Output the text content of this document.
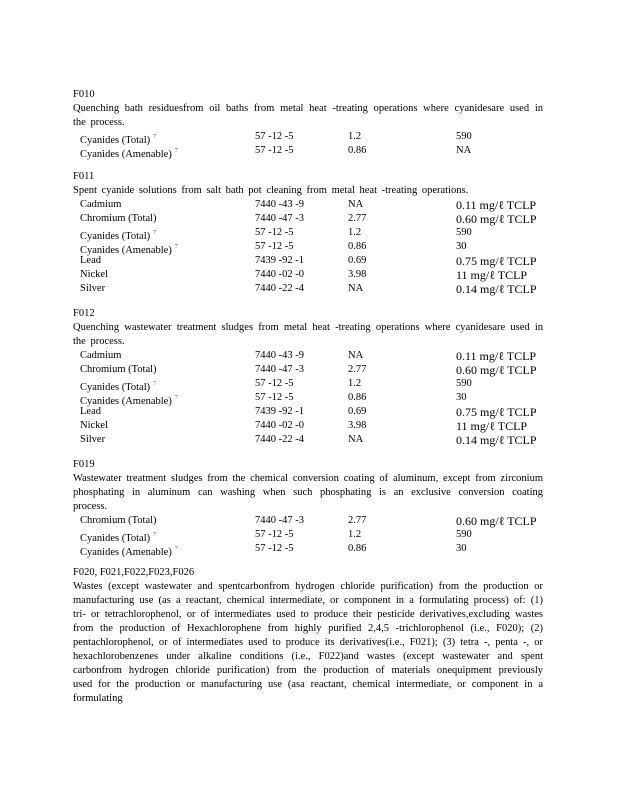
F010
Quenching bath residuesfrom oil baths from metal heat -treating operations where cyanidesare used in the process.
Cyanides (Total) $^7$	57 -12 -5	1.2	590
Cyanides (Amenable) $^7$	57 -12 -5	0.86	NA
F011
Spent cyanide solutions from salt bath pot cleaning from metal heat -treating operations.
Cadmium	7440 -43 -9	NA	0.11 mg/ℓ TCLP
Chromium (Total)	7440 -47 -3	2.77	0.60 mg/ℓ TCLP
Cyanides (Total) $^7$	57 -12 -5	1.2	590
Cyanides (Amenable) $^7$	57 -12 -5	0.86	30
Lead	7439 -92 -1	0.69	0.75 mg/ℓ TCLP
Nickel	7440 -02 -0	3.98	11 mg/ℓ TCLP
Silver	7440 -22 -4	NA	0.14 mg/ℓ TCLP
F012
Quenching wastewater treatment sludges from metal heat -treating operations where cyanidesare used in the process.
Cadmium	7440 -43 -9	NA	0.11 mg/ℓ TCLP
Chromium (Total)	7440 -47 -3	2.77	0.60 mg/ℓ TCLP
Cyanides (Total) $^7$	57 -12 -5	1.2	590
Cyanides (Amenable) $^7$	57 -12 -5	0.86	30
Lead	7439 -92 -1	0.69	0.75 mg/ℓ TCLP
Nickel	7440 -02 -0	3.98	11 mg/ℓ TCLP
Silver	7440 -22 -4	NA	0.14 mg/ℓ TCLP
F019
Wastewater treatment sludges from the chemical conversion coating of aluminum, except from zirconium phosphating in aluminum can washing when such phosphating is an exclusive conversion coating process.
Chromium (Total)	7440 -47 -3	2.77	0.60 mg/ℓ TCLP
Cyanides (Total) $^7$	57 -12 -5	1.2	590
Cyanides (Amenable) $^7$	57 -12 -5	0.86	30
F020, F021,F022,F023,F026
Wastes (except wastewater and spentcarbonfrom hydrogen chloride purification) from the production or manufacturing use (as a reactant, chemical intermediate, or component in a formulating process) of: (1) tri- or tetrachlorophenol, or of intermediates used to produce their pesticide derivatives,excluding wastes from the production of Hexachlorophene from highly purified 2,4,5 -trichlorophenol (i.e., F020); (2) pentachlorophenol, or of intermediates used to produce its derivatives(i.e., F021); (3) tetra -, penta -, or hexachlorobenzenes under alkaline conditions (i.e., F022)and wastes (except wastewater and spent carbonfrom hydrogen chloride purification) from the production of materials onequipment previously used for the production or manufacturing use (asa reactant, chemical intermediate, or component in a formulating
